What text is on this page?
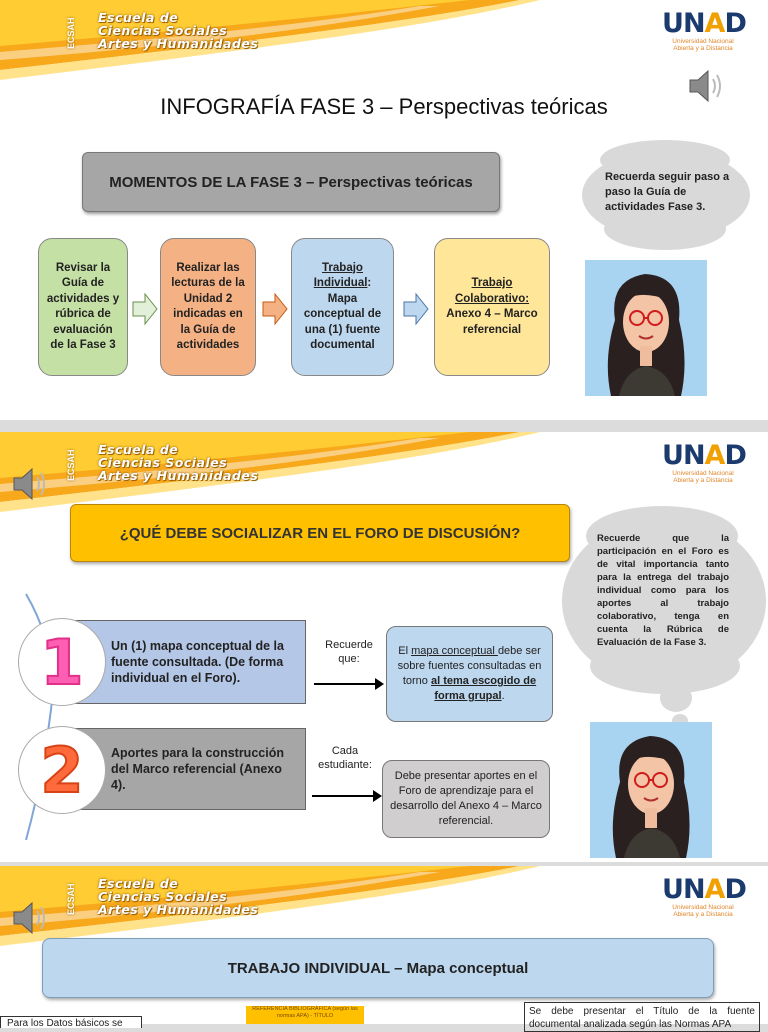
ECSAH	Escuela de
Ciencias Sociales
Artes y Humanidades
UNAD
Universidad Nacional
Abierta y a Distancia
INFOGRAFÍA FASE 3 – Perspectivas teóricas
MOMENTOS DE LA FASE 3 – Perspectivas teóricas
Revisar la Guía de actividades y rúbrica de evaluación de la Fase 3
Realizar las lecturas de la Unidad 2 indicadas en la Guía de actividades
Trabajo Individual: Mapa conceptual de una (1) fuente documental
Trabajo Colaborativo:
Anexo 4 – Marco referencial
Recuerda seguir paso a paso la Guía de actividades Fase 3.
ECSAH	Escuela de
Ciencias Sociales
Artes y Humanidades
UNAD
Universidad Nacional
Abierta y a Distancia
¿QUÉ DEBE SOCIALIZAR EN EL FORO DE DISCUSIÓN?
Un (1) mapa conceptual de la fuente consultada. (De forma individual en el Foro).
1	Recuerde que:
El mapa conceptual debe ser sobre fuentes consultadas en torno al tema escogido de forma grupal.
Aportes para la construcción del Marco referencial (Anexo 4).
2	Cada estudiante:
Debe presentar aportes en el Foro de aprendizaje para el desarrollo del Anexo 4 – Marco referencial.
Recuerde que la participación en el Foro es de vital importancia tanto para la entrega del trabajo individual como para los aportes al trabajo colaborativo, tenga en cuenta la Rúbrica de Evaluación de la Fase 3.
ECSAH	Escuela de
Ciencias Sociales
Artes y Humanidades
UNAD
Universidad Nacional
Abierta y a Distancia
TRABAJO INDIVIDUAL – Mapa conceptual
Para los Datos básicos se
REFERENCIA BIBLIOGRÁFICA (según las normas APA) - TÍTULO	Se debe presentar el Título de la fuente documental analizada según las Normas APA
